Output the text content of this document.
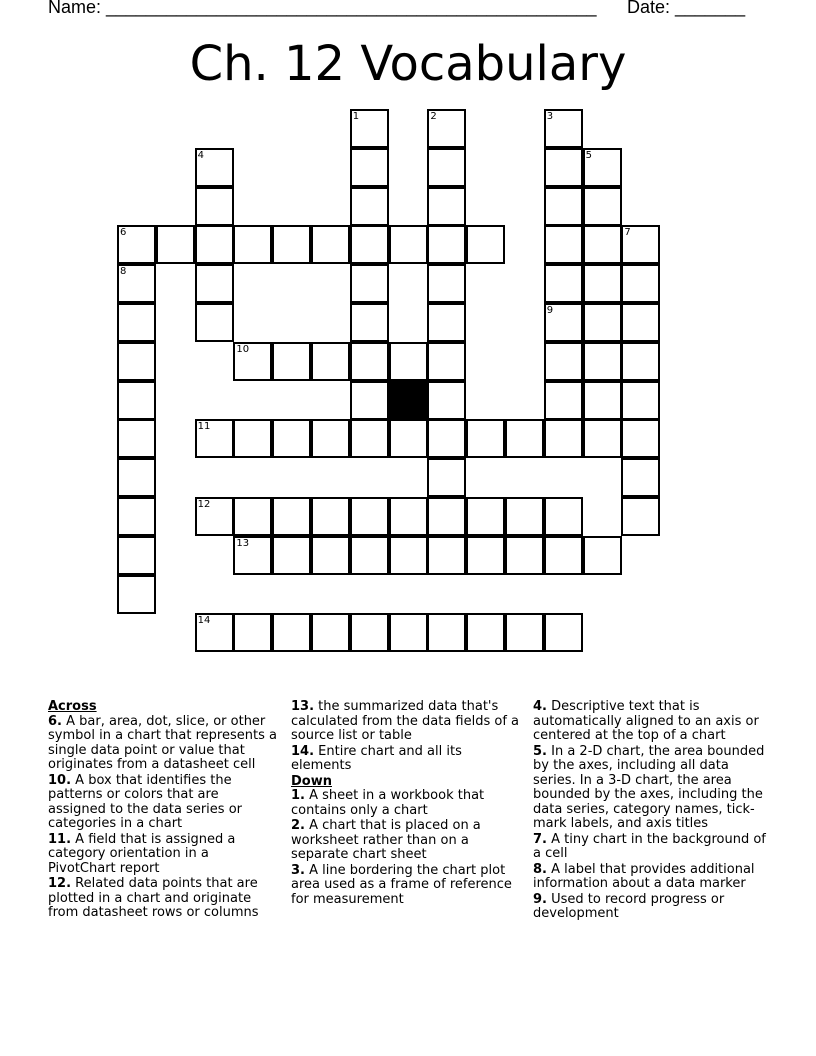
Name: _________________________________________________ Date: _______
Ch. 12 Vocabulary
6
8
4
1	2	3
9
5
7
10
11
12
13
14

Across

6. A bar, area, dot, slice, or other symbol in a chart that represents a single data point or value that originates from a datasheet cell

10. A box that identifies the patterns or colors that are assigned to the data series or categories in a chart

11. A field that is assigned a category orientation in a PivotChart report

12. Related data points that are plotted in a chart and originate from datasheet rows or columns

13. the summarized data that's calculated from the data fields of a source list or table

14. Entire chart and all its elements

Down

1. A sheet in a workbook that contains only a chart

2. A chart that is placed on a worksheet rather than on a separate chart sheet

3. A line bordering the chart plot area used as a frame of reference for measurement

4. Descriptive text that is automatically aligned to an axis or centered at the top of a chart

5. In a 2-D chart, the area bounded by the axes, including all data series. In a 3-D chart, the area bounded by the axes, including the data series, category names, tick-mark labels, and axis titles

7. A tiny chart in the background of a cell

8. A label that provides additional information about a data marker

9. Used to record progress or development
